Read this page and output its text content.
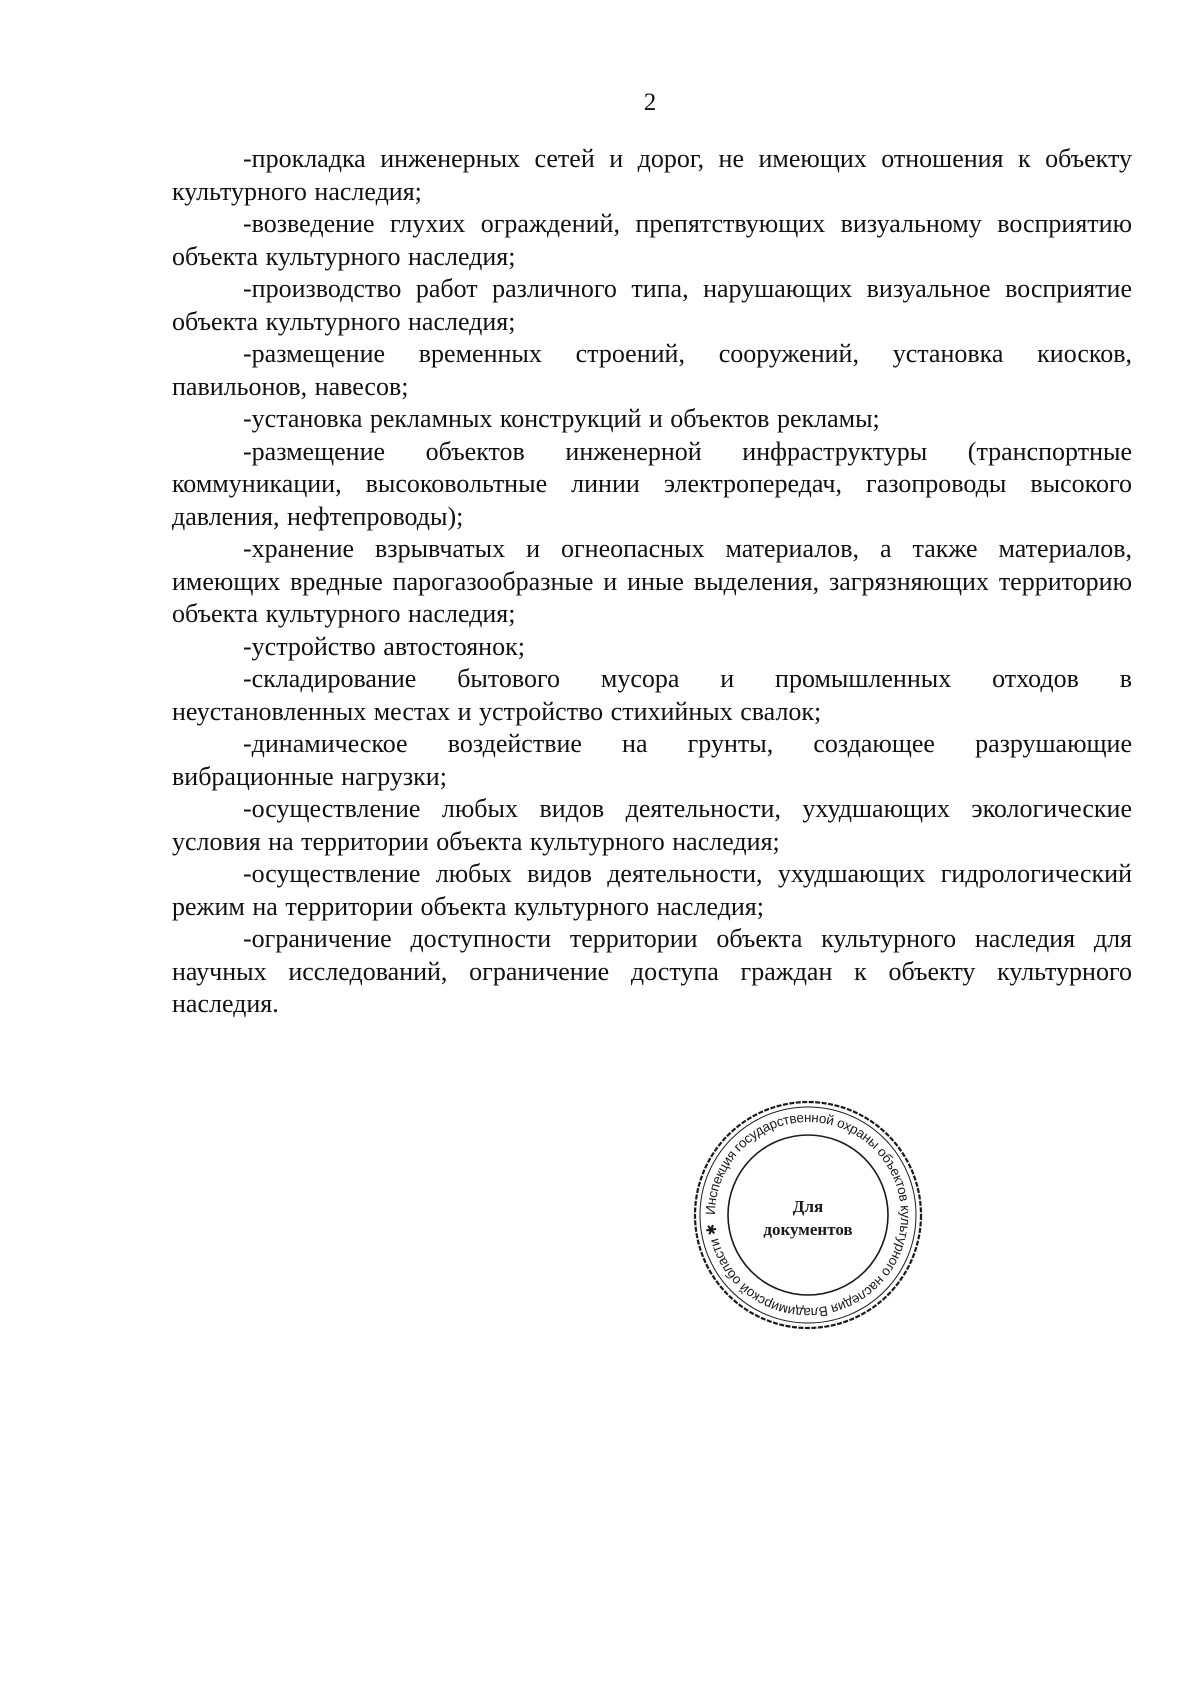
2

-прокладка инженерных сетей и дорог, не имеющих отношения к объекту культурного наследия;

-возведение глухих ограждений, препятствующих визуальному восприятию объекта культурного наследия;

-производство работ различного типа, нарушающих визуальное восприятие объекта культурного наследия;

-размещение временных строений, сооружений, установка киосков, павильонов, навесов;

-установка рекламных конструкций и объектов рекламы;

-размещение объектов инженерной инфраструктуры (транспортные коммуникации, высоковольтные линии электропередач, газопроводы высокого давления, нефтепроводы);

-хранение взрывчатых и огнеопасных материалов, а также материалов, имеющих вредные парогазообразные и иные выделения, загрязняющих территорию объекта культурного наследия;

-устройство автостоянок;

-складирование бытового мусора и промышленных отходов в неустановленных местах и устройство стихийных свалок;

-динамическое воздействие на грунты, создающее разрушающие вибрационные нагрузки;

-осуществление любых видов деятельности, ухудшающих экологические условия на территории объекта культурного наследия;

-осуществление любых видов деятельности, ухудшающих гидрологический режим на территории объекта культурного наследия;

-ограничение доступности территории объекта культурного наследия для научных исследований, ограничение доступа граждан к объекту культурного наследия.

Инспекция государственной охраны объектов культурного наследия Владимирской области ✱
Для
документов
